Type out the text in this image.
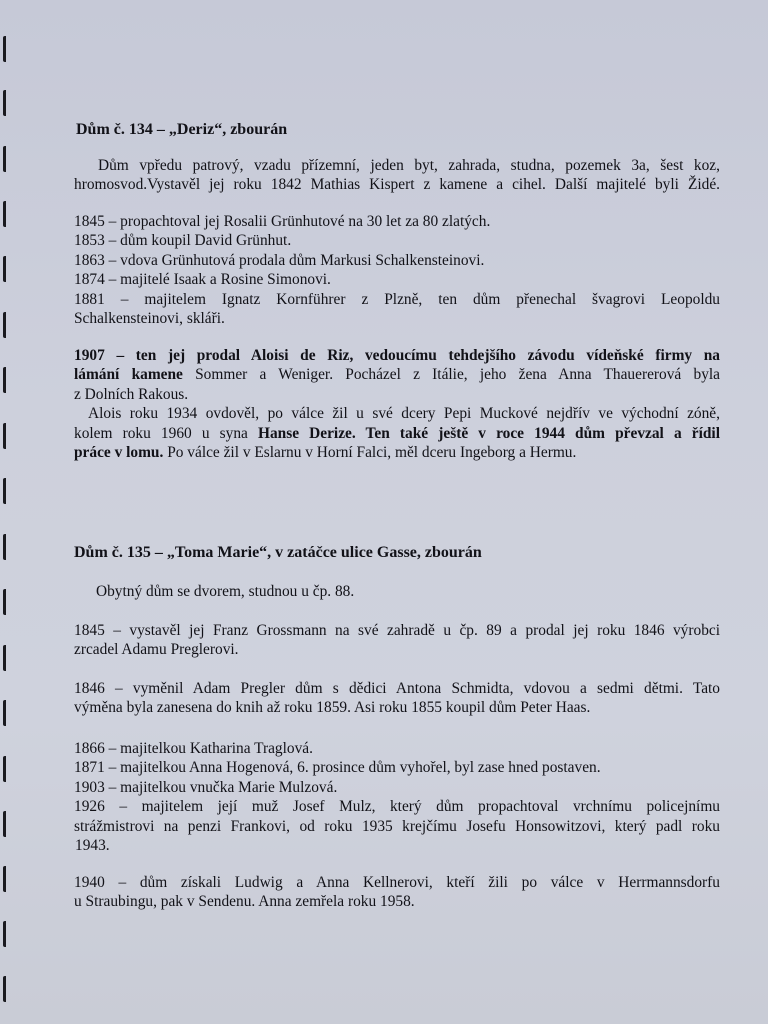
Dům č. 134 – „Deriz“, zbourán

Dům vpředu patrový, vzadu přízemní, jeden byt, zahrada, studna, pozemek 3a, šest koz,
hromosvod.Vystavěl jej roku 1842 Mathias Kispert z kamene a cihel. Další majitelé byli Židé.

1845 – propachtoval jej Rosalii Grünhutové na 30 let za 80 zlatých.
1853 – dům koupil David Grünhut.
1863 – vdova Grünhutová prodala dům Markusi Schalkensteinovi.
1874 – majitelé Isaak a Rosine Simonovi.
1881 – majitelem Ignatz Kornführer z Plzně, ten dům přenechal švagrovi Leopoldu
Schalkensteinovi, skláři.

1907 – ten jej prodal Aloisi de Riz, vedoucímu tehdejšího závodu vídeňské firmy na
lámání kamene Sommer a Weniger. Pocházel z Itálie, jeho žena Anna Thauererová byla
z Dolních Rakous.
Alois roku 1934 ovdověl, po válce žil u své dcery Pepi Muckové nejdřív ve východní zóně,
kolem roku 1960 u syna Hanse Derize. Ten také ještě v roce 1944 dům převzal a řídil
práce v lomu. Po válce žil v Eslarnu v Horní Falci, měl dceru Ingeborg a Hermu.

Dům č. 135 – „Toma Marie“, v zatáčce ulice Gasse, zbourán

Obytný dům se dvorem, studnou u čp. 88.

1845 – vystavěl jej Franz Grossmann na své zahradě u čp. 89 a prodal jej roku 1846 výrobci
zrcadel Adamu Preglerovi.

1846 – vyměnil Adam Pregler dům s dědici Antona Schmidta, vdovou a sedmi dětmi. Tato
výměna byla zanesena do knih až roku 1859. Asi roku 1855 koupil dům Peter Haas.

1866 – majitelkou Katharina Traglová.
1871 – majitelkou Anna Hogenová, 6. prosince dům vyhořel, byl zase hned postaven.
1903 – majitelkou vnučka Marie Mulzová.
1926 – majitelem její muž Josef Mulz, který dům propachtoval vrchnímu policejnímu
strážmistrovi na penzi Frankovi, od roku 1935 krejčímu Josefu Honsowitzovi, který padl roku
1943.

1940 – dům získali Ludwig a Anna Kellnerovi, kteří žili po válce v Herrmannsdorfu
u Straubingu, pak v Sendenu. Anna zemřela roku 1958.
